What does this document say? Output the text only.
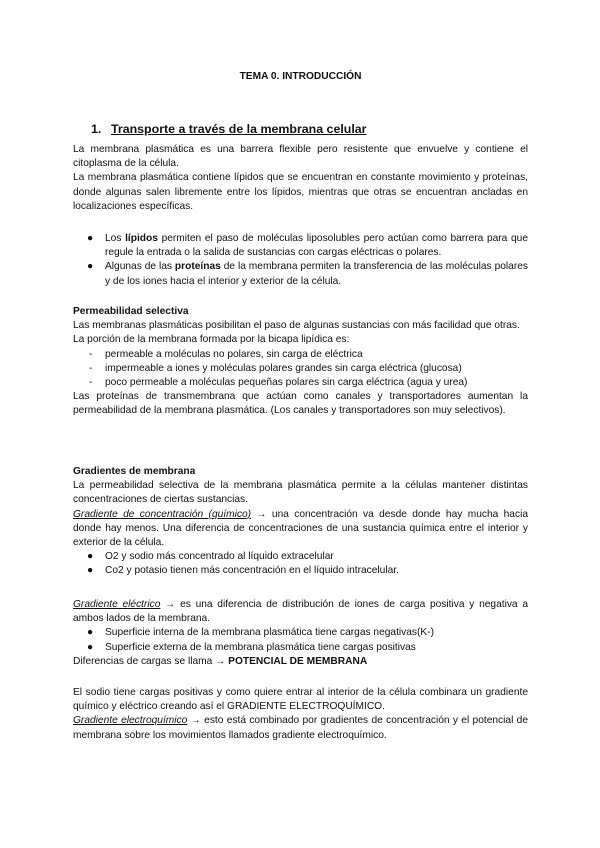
TEMA 0. INTRODUCCIÓN
1. Transporte a través de la membrana celular

La membrana plasmática es una barrera flexible pero resistente que envuelve y contiene el citoplasma de la célula.

La membrana plasmática contiene lípidos que se encuentran en constante movimiento y proteínas, donde algunas salen libremente entre los lípidos, mientras que otras se encuentran ancladas en localizaciones específicas.

● Los lípidos permiten el paso de moléculas liposolubles pero actúan como barrera para que regule la entrada o la salida de sustancias con cargas eléctricas o polares.
● Algunas de las proteínas de la membrana permiten la transferencia de las moléculas polares y de los iones hacia el interior y exterior de la célula.
Permeabilidad selectiva

Las membranas plasmáticas posibilitan el paso de algunas sustancias con más facilidad que otras.

La porción de la membrana formada por la bicapa lipídica es:

- permeable a moléculas no polares, sin carga de eléctrica
- impermeable a iones y moléculas polares grandes sin carga eléctrica (glucosa)
- poco permeable a moléculas pequeñas polares sin carga eléctrica (agua y urea)

Las proteínas de transmembrana que actúan como canales y transportadores aumentan la permeabilidad de la membrana plasmática. (Los canales y transportadores son muy selectivos).

Gradientes de membrana

La permeabilidad selectiva de la membrana plasmática permite a la células mantener distintas concentraciones de ciertas sustancias.

Gradiente de concentración (químico) → una concentración va desde donde hay mucha hacia donde hay menos. Una diferencia de concentraciones de una sustancia química entre el interior y exterior de la célula.

● O2 y sodio más concentrado al líquido extracelular
● Co2 y potasio tienen más concentración en el líquido intracelular.

Gradiente eléctrico → es una diferencia de distribución de iones de carga positiva y negativa a ambos lados de la membrana.

● Superficie interna de la membrana plasmática tiene cargas negativas(K-)
● Superficie externa de la membrana plasmática tiene cargas positivas

Diferencias de cargas se llama → POTENCIAL DE MEMBRANA

El sodio tiene cargas positivas y como quiere entrar al interior de la célula combinara un gradiente químico y eléctrico creando así el GRADIENTE ELECTROQUÍMICO.

Gradiente electroquímico → esto está combinado por gradientes de concentración y el potencial de membrana sobre los movimientos llamados gradiente electroquímico.
